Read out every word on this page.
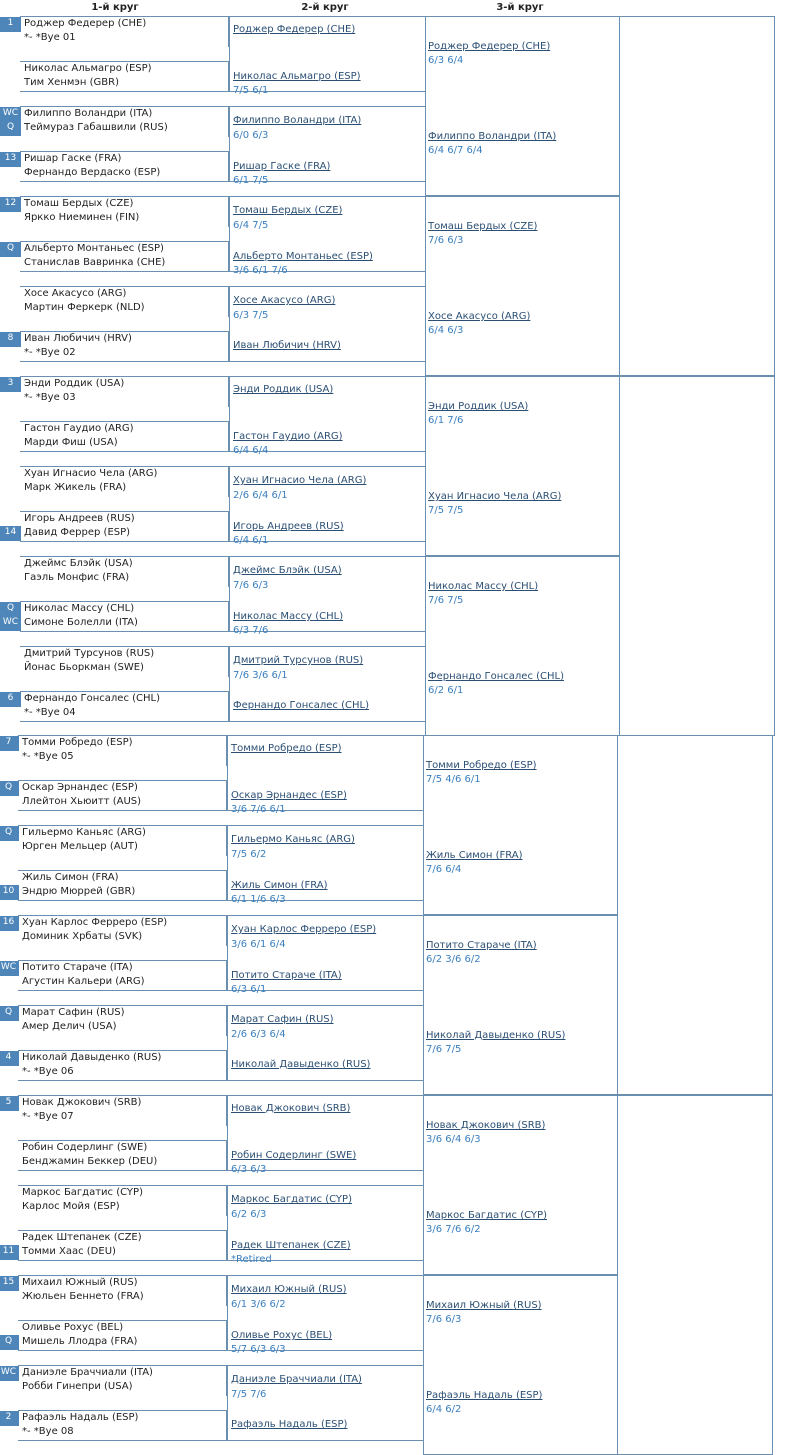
1-й круг	2-й круг	3-й круг
1	Роджер Федерер (CHE)
*- *Bye 01
Николас Альмагро (ESP)
Тим Хенмэн (GBR)
WC Филиппо Воландри (ITA)
Q Теймураз Габашвили (RUS)
13 Ришар Гаске (FRA)
Фернандо Вердаско (ESP)
12 Томаш Бердых (CZE)
Яркко Ниеминен (FIN)
Q Альберто Монтаньес (ESP)
Станислав Вавринка (CHE)
Хосе Акасусо (ARG)
Мартин Феркерк (NLD)
8	Иван Любичич (HRV)
*- *Bye 02
Роджер Федерер (CHE)
Николас Альмагро (ESP)
7/5 6/1
Филиппо Воландри (ITA)
6/0 6/3
Ришар Гаске (FRA)
6/1 7/5
Томаш Бердых (CZE)
6/4 7/5
Альберто Монтаньес (ESP)
3/6 6/1 7/6
Хосе Акасусо (ARG)
6/3 7/5
Иван Любичич (HRV)
Роджер Федерер (CHE)
6/3 6/4
Филиппо Воландри (ITA)
6/4 6/7 6/4
Томаш Бердых (CZE)
7/6 6/3
Хосе Акасусо (ARG)
6/4 6/3
3	Энди Роддик (USA)
*- *Bye 03
Гастон Гаудио (ARG)
Марди Фиш (USA)
Хуан Игнасио Чела (ARG)
Марк Жикель (FRA)
Игорь Андреев (RUS)
14 Давид Феррер (ESP)
Джеймс Блэйк (USA)
Гаэль Монфис (FRA)
Q Николас Массу (CHL)
WC Симоне Болелли (ITA)
Дмитрий Турсунов (RUS)
Йонас Бьоркман (SWE)
6	Фернандо Гонсалес (CHL)
*- *Bye 04
Энди Роддик (USA)
Гастон Гаудио (ARG)
6/4 6/4
Хуан Игнасио Чела (ARG)
2/6 6/4 6/1
Игорь Андреев (RUS)
6/4 6/1
Джеймс Блэйк (USA)
7/6 6/3
Николас Массу (CHL)
6/3 7/6
Дмитрий Турсунов (RUS)
7/6 3/6 6/1
Фернандо Гонсалес (CHL)
Энди Роддик (USA)
6/1 7/6
Хуан Игнасио Чела (ARG)
7/5 7/5
Николас Массу (CHL)
7/6 7/5
Фернандо Гонсалес (CHL)
6/2 6/1
7	Томми Робредо (ESP)
*- *Bye 05
Q Оскар Эрнандес (ESP)
Ллейтон Хьюитт (AUS)
Q Гильермо Каньяс (ARG)
Юрген Мельцер (AUT)
Жиль Симон (FRA)
10 Эндрю Мюррей (GBR)
16 Хуан Карлос Ферреро (ESP)
Доминик Хрбаты (SVK)
WC Потито Стараче (ITA)
Агустин Кальери (ARG)
Q Марат Сафин (RUS)
Амер Делич (USA)
4	Николай Давыденко (RUS)
*- *Bye 06
Томми Робредо (ESP)
Оскар Эрнандес (ESP)
3/6 7/6 6/1
Гильермо Каньяс (ARG)
7/5 6/2
Жиль Симон (FRA)
6/1 1/6 6/3
Хуан Карлос Ферреро (ESP)
3/6 6/1 6/4
Потито Стараче (ITA)
6/3 6/1
Марат Сафин (RUS)
2/6 6/3 6/4
Николай Давыденко (RUS)
Томми Робредо (ESP)
7/5 4/6 6/1
Жиль Симон (FRA)
7/6 6/4
Потито Стараче (ITA)
6/2 3/6 6/2
Николай Давыденко (RUS)
7/6 7/5
5	Новак Джокович (SRB)
*- *Bye 07
Робин Содерлинг (SWE)
Бенджамин Беккер (DEU)
Маркос Багдатис (CYP)
Карлос Мойя (ESP)
Радек Штепанек (CZE)
11 Томми Хаас (DEU)
15 Михаил Южный (RUS)
Жюльен Беннето (FRA)
Оливье Рохус (BEL)
Q Мишель Ллодра (FRA)
WC Даниэле Браччиали (ITA)
Робби Гинепри (USA)
2	Рафаэль Надаль (ESP)
*- *Bye 08
Новак Джокович (SRB)
Робин Содерлинг (SWE)
6/3 6/3
Маркос Багдатис (CYP)
6/2 6/3
Радек Штепанек (CZE)
*Retired
Михаил Южный (RUS)
6/1 3/6 6/2
Оливье Рохус (BEL)
5/7 6/3 6/3
Даниэле Браччиали (ITA)
7/5 7/6
Рафаэль Надаль (ESP)
Новак Джокович (SRB)
3/6 6/4 6/3
Маркос Багдатис (CYP)
3/6 7/6 6/2
Михаил Южный (RUS)
7/6 6/3
Рафаэль Надаль (ESP)
6/4 6/2
